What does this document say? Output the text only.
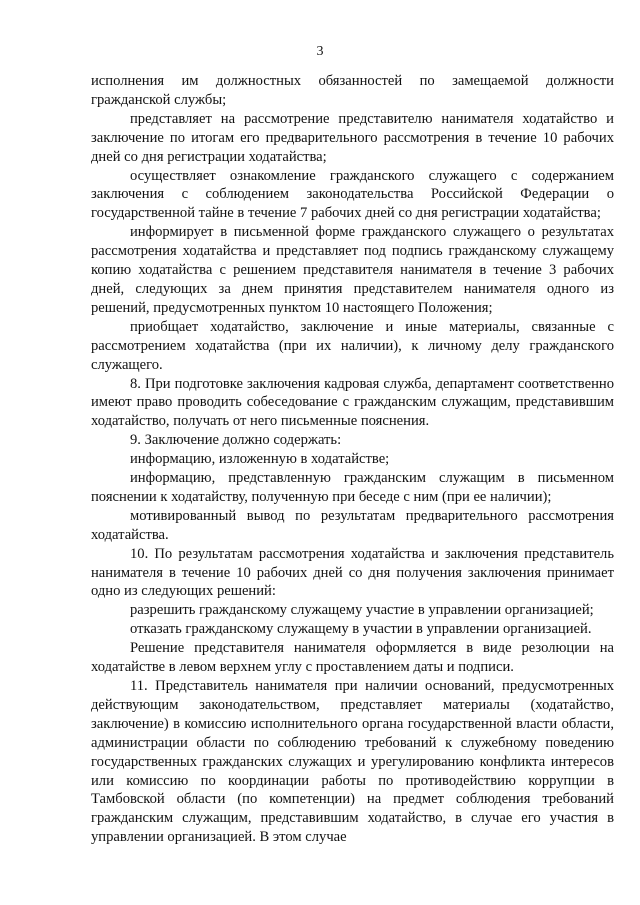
3

исполнения им должностных обязанностей по замещаемой должности гражданской службы;

представляет на рассмотрение представителю нанимателя ходатайство и заключение по итогам его предварительного рассмотрения в течение 10 рабочих дней со дня регистрации ходатайства;

осуществляет ознакомление гражданского служащего с содержанием заключения с соблюдением законодательства Российской Федерации о государственной тайне в течение 7 рабочих дней со дня регистрации ходатайства;

информирует в письменной форме гражданского служащего о результатах рассмотрения ходатайства и представляет под подпись гражданскому служащему копию ходатайства с решением представителя нанимателя в течение 3 рабочих дней, следующих за днем принятия представителем нанимателя одного из решений, предусмотренных пунктом 10 настоящего Положения;

приобщает ходатайство, заключение и иные материалы, связанные с рассмотрением ходатайства (при их наличии), к личному делу гражданского служащего.

8. При подготовке заключения кадровая служба, департамент соответственно имеют право проводить собеседование с гражданским служащим, представившим ходатайство, получать от него письменные пояснения.

9. Заключение должно содержать:

информацию, изложенную в ходатайстве;

информацию, представленную гражданским служащим в письменном пояснении к ходатайству, полученную при беседе с ним (при ее наличии);

мотивированный вывод по результатам предварительного рассмотрения ходатайства.

10. По результатам рассмотрения ходатайства и заключения представитель нанимателя в течение 10 рабочих дней со дня получения заключения принимает одно из следующих решений:

разрешить гражданскому служащему участие в управлении организацией;

отказать гражданскому служащему в участии в управлении организацией.

Решение представителя нанимателя оформляется в виде резолюции на ходатайстве в левом верхнем углу с проставлением даты и подписи.

11. Представитель нанимателя при наличии оснований, предусмотренных действующим законодательством, представляет материалы (ходатайство, заключение) в комиссию исполнительного органа государственной власти области, администрации области по соблюдению требований к служебному поведению государственных гражданских служащих и урегулированию конфликта интересов или комиссию по координации работы по противодействию коррупции в Тамбовской области (по компетенции) на предмет соблюдения требований гражданским служащим, представившим ходатайство, в случае его участия в управлении организацией. В этом случае
